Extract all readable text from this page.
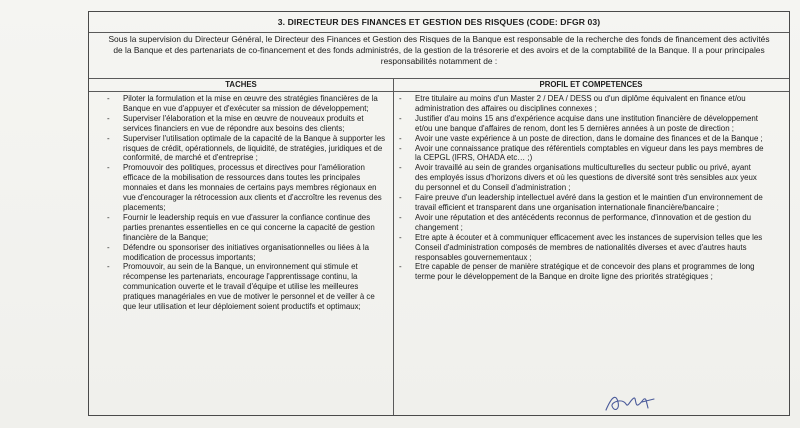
3. DIRECTEUR DES FINANCES ET GESTION DES RISQUES (CODE: DFGR 03)
Sous la supervision du Directeur Général, le Directeur des Finances et Gestion des Risques de la Banque est responsable de la recherche des fonds de financement des activités de la Banque et des partenariats de co-financement et des fonds administrés, de la gestion de la trésorerie et des avoirs et de la comptabilité de la Banque. Il a pour principales responsabilités notamment de :
TACHES	PROFIL ET COMPETENCES
- Piloter la formulation et la mise en œuvre des stratégies financières de la Banque en vue d'appuyer et d'exécuter sa mission de développement;
- Superviser l'élaboration et la mise en œuvre de nouveaux produits et services financiers en vue de répondre aux besoins des clients;
- Superviser l'utilisation optimale de la capacité de la Banque à supporter les risques de crédit, opérationnels, de liquidité, de stratégies, juridiques et de conformité, de marché et d'entreprise ;
- Promouvoir des politiques, processus et directives pour l'amélioration efficace de la mobilisation de ressources dans toutes les principales monnaies et dans les monnaies de certains pays membres régionaux en vue d'encourager la rétrocession aux clients et d'accroître les revenus des placements;
- Fournir le leadership requis en vue d'assurer la confiance continue des parties prenantes essentielles en ce qui concerne la capacité de gestion financière de la Banque;
- Défendre ou sponsoriser des initiatives organisationnelles ou liées à la modification de processus importants;
- Promouvoir, au sein de la Banque, un environnement qui stimule et récompense les partenariats, encourage l'apprentissage continu, la communication ouverte et le travail d'équipe et utilise les meilleures pratiques managériales en vue de motiver le personnel et de veiller à ce que leur utilisation et leur déploiement soient productifs et optimaux;
- Etre titulaire au moins d'un Master 2 / DEA / DESS ou d'un diplôme équivalent en finance et/ou administration des affaires ou disciplines connexes ;
- Justifier d'au moins 15 ans d'expérience acquise dans une institution financière de développement et/ou une banque d'affaires de renom, dont les 5 dernières années à un poste de direction ;
- Avoir une vaste expérience à un poste de direction, dans le domaine des finances et de la Banque ;
- Avoir une connaissance pratique des référentiels comptables en vigueur dans les pays membres de la CEPGL (IFRS, OHADA etc… ;)
- Avoir travaillé au sein de grandes organisations multiculturelles du secteur public ou privé, ayant des employés issus d'horizons divers et où les questions de diversité sont très sensibles aux yeux du personnel et du Conseil d'administration ;
- Faire preuve d'un leadership intellectuel avéré dans la gestion et le maintien d'un environnement de travail efficient et transparent dans une organisation internationale financière/bancaire ;
- Avoir une réputation et des antécédents reconnus de performance, d'innovation et de gestion du changement ;
- Etre apte à écouter et à communiquer efficacement avec les instances de supervision telles que les Conseil d'administration composés de membres de nationalités diverses et avec d'autres hauts responsables gouvernementaux ;
- Etre capable de penser de manière stratégique et de concevoir des plans et programmes de long terme pour le développement de la Banque en droite ligne des priorités stratégiques ;
